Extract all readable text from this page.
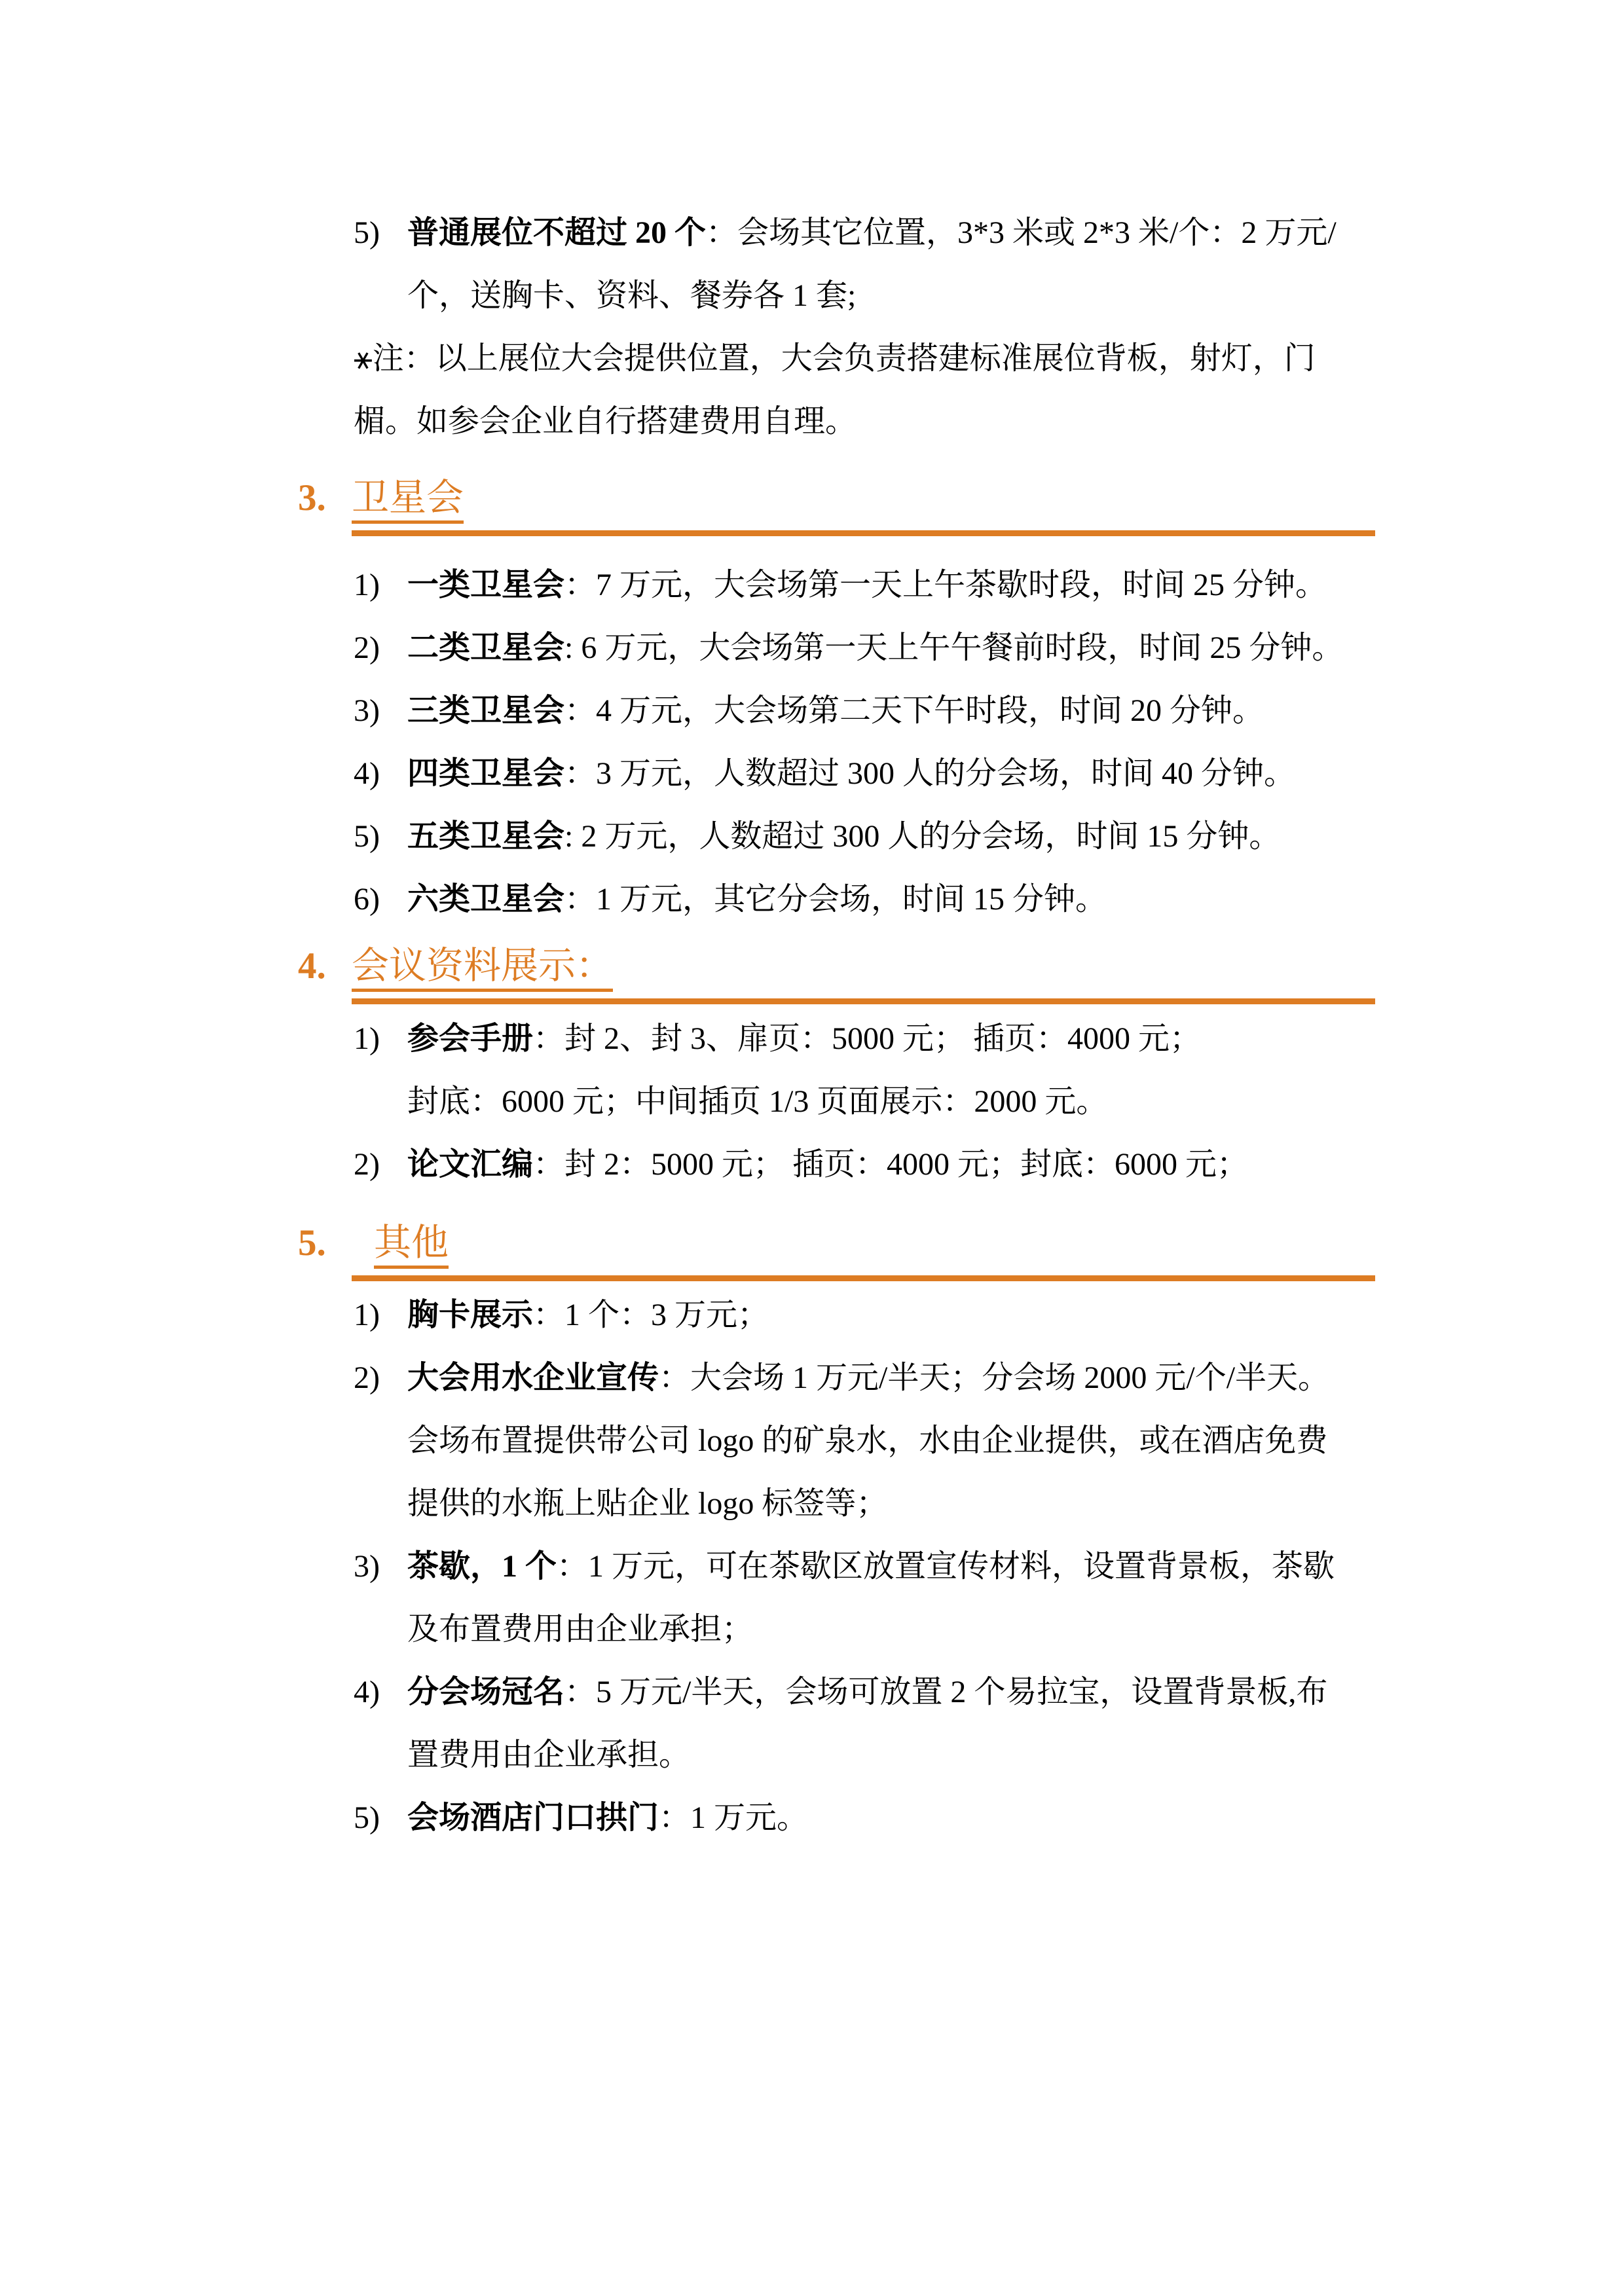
5) 普通展位不超过 20 个：会场其它位置，3*3 米或 2*3 米/个：2 万元/
个，送胸卡、资料、餐券各 1 套;
⚹注：以上展位大会提供位置，大会负责搭建标准展位背板，射灯，门
楣。如参会企业自行搭建费用自理。
3. 卫星会
1) 一类卫星会：7 万元，大会场第一天上午茶歇时段，时间 25 分钟。
2) 二类卫星会: 6 万元，大会场第一天上午午餐前时段，时间 25 分钟。
3) 三类卫星会：4 万元，大会场第二天下午时段，时间 20 分钟。
4) 四类卫星会：3 万元，人数超过 300 人的分会场，时间 40 分钟。
5) 五类卫星会: 2 万元，人数超过 300 人的分会场，时间 15 分钟。
6) 六类卫星会：1 万元，其它分会场，时间 15 分钟。
4. 会议资料展示：
1) 参会手册：封 2、封 3、扉页：5000 元； 插页：4000 元；
封底：6000 元；中间插页 1/3 页面展示：2000 元。
2) 论文汇编：封 2：5000 元； 插页：4000 元；封底：6000 元；
5.	其他
1) 胸卡展示：1 个：3 万元；
2) 大会用水企业宣传：大会场 1 万元/半天；分会场 2000 元/个/半天。
会场布置提供带公司 logo 的矿泉水，水由企业提供，或在酒店免费
提供的水瓶上贴企业 logo 标签等；
3) 茶歇，1 个：1 万元，可在茶歇区放置宣传材料，设置背景板，茶歇
及布置费用由企业承担；
4) 分会场冠名：5 万元/半天，会场可放置 2 个易拉宝，设置背景板,布
置费用由企业承担。
5) 会场酒店门口拱门：1 万元。
